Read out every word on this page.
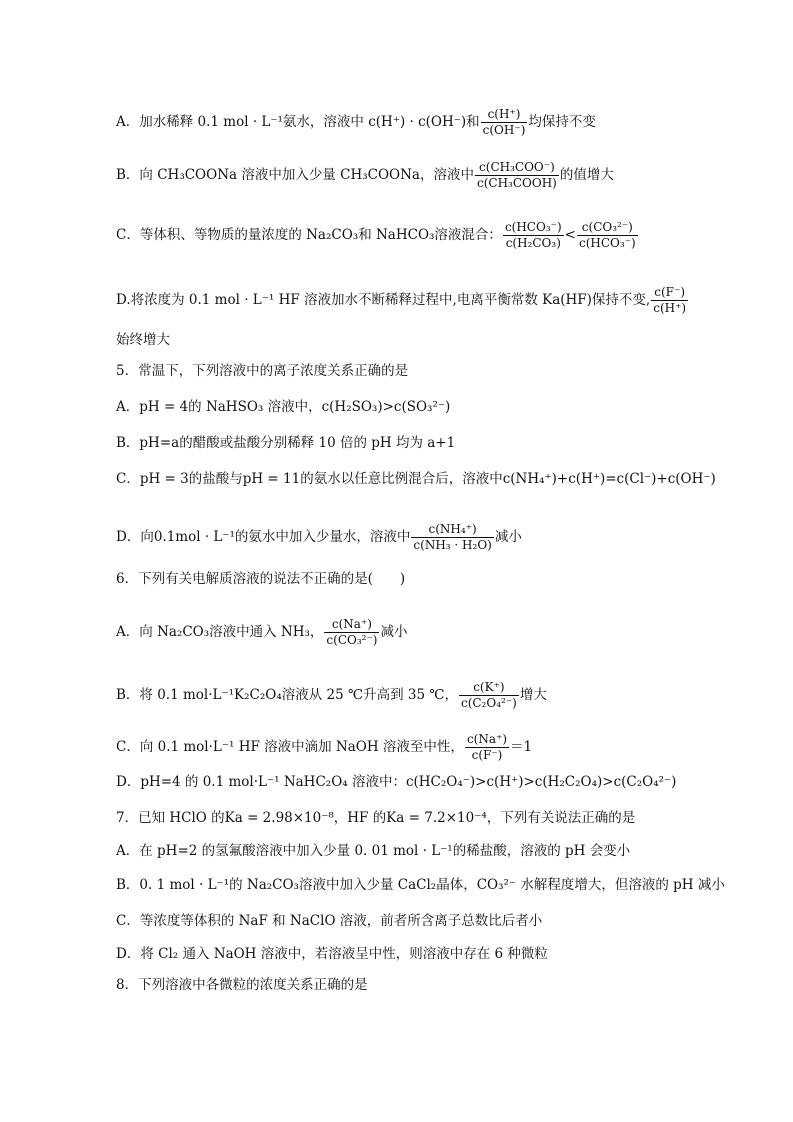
A．加水稀释 0.1 mol · L⁻¹氨水，溶液中 c(H⁺) · c(OH⁻)和 $\frac{c(H^+)}{c(OH^-)}$ 均保持不变
B．向 CH₃COONa 溶液中加入少量 CH₃COONa，溶液中 $\frac{\text{c(CH₃COO⁻)}}{\text{c(CH₃COOH)}}$ 的值增大
C．等体积、等物质的量浓度的 Na₂CO₃和 NaHCO₃溶液混合： $\frac{\text{c(HCO₃⁻)}}{\text{c(H₂CO₃)}} < \frac{\text{c(CO₃²⁻)}}{\text{c(HCO₃⁻)}}$
D.将浓度为 0.1 mol · L⁻¹ HF 溶液加水不断稀释过程中,电离平衡常数 Ka(HF)保持不变, $\frac{c(F^-)}{c(H^+)}$
始终增大
5．常温下，下列溶液中的离子浓度关系正确的是
A．pH = 4的 NaHSO₃ 溶液中，c(H₂SO₃)>c(SO₃²⁻)
B．pH=a的醋酸或盐酸分别稀释 10 倍的 pH 均为 a+1
C．pH = 3的盐酸与pH = 11的氨水以任意比例混合后，溶液中c(NH₄⁺)+c(H⁺)=c(Cl⁻)+c(OH⁻)
D．向0.1mol · L⁻¹的氨水中加入少量水，溶液中 $\frac{\text{c(NH₄⁺)}}{\text{c(NH₃ · H₂O)}}$ 减小
6．下列有关电解质溶液的说法不正确的是(　　)
A．向 Na₂CO₃溶液中通入 NH₃， $\frac{c(Na^+)}{\text{c(CO₃²⁻)}}$ 减小
B．将 0.1 mol·L⁻¹K₂C₂O₄溶液从 25 ℃升高到 35 ℃， $\frac{c(K^+)}{\text{c(C₂O₄²⁻)}}$ 增大
C．向 0.1 mol·L⁻¹ HF 溶液中滴加 NaOH 溶液至中性， $\frac{c(Na^+)}{c(F^-)} =1$
D．pH=4 的 0.1 mol·L⁻¹ NaHC₂O₄ 溶液中：c(HC₂O₄⁻)>c(H⁺)>c(H₂C₂O₄)>c(C₂O₄²⁻)
7．已知 HClO 的Ka = 2.98×10⁻⁸，HF 的Ka = 7.2×10⁻⁴，下列有关说法正确的是
A．在 pH=2 的氢氟酸溶液中加入少量 0. 01 mol · L⁻¹的稀盐酸，溶液的 pH 会变小
B．0. 1 mol · L⁻¹的 Na₂CO₃溶液中加入少量 CaCl₂晶体，CO₃²⁻ 水解程度增大，但溶液的 pH 减小
C．等浓度等体积的 NaF 和 NaClO 溶液，前者所含离子总数比后者小
D．将 Cl₂ 通入 NaOH 溶液中，若溶液呈中性，则溶液中存在 6 种微粒
8．下列溶液中各微粒的浓度关系正确的是
